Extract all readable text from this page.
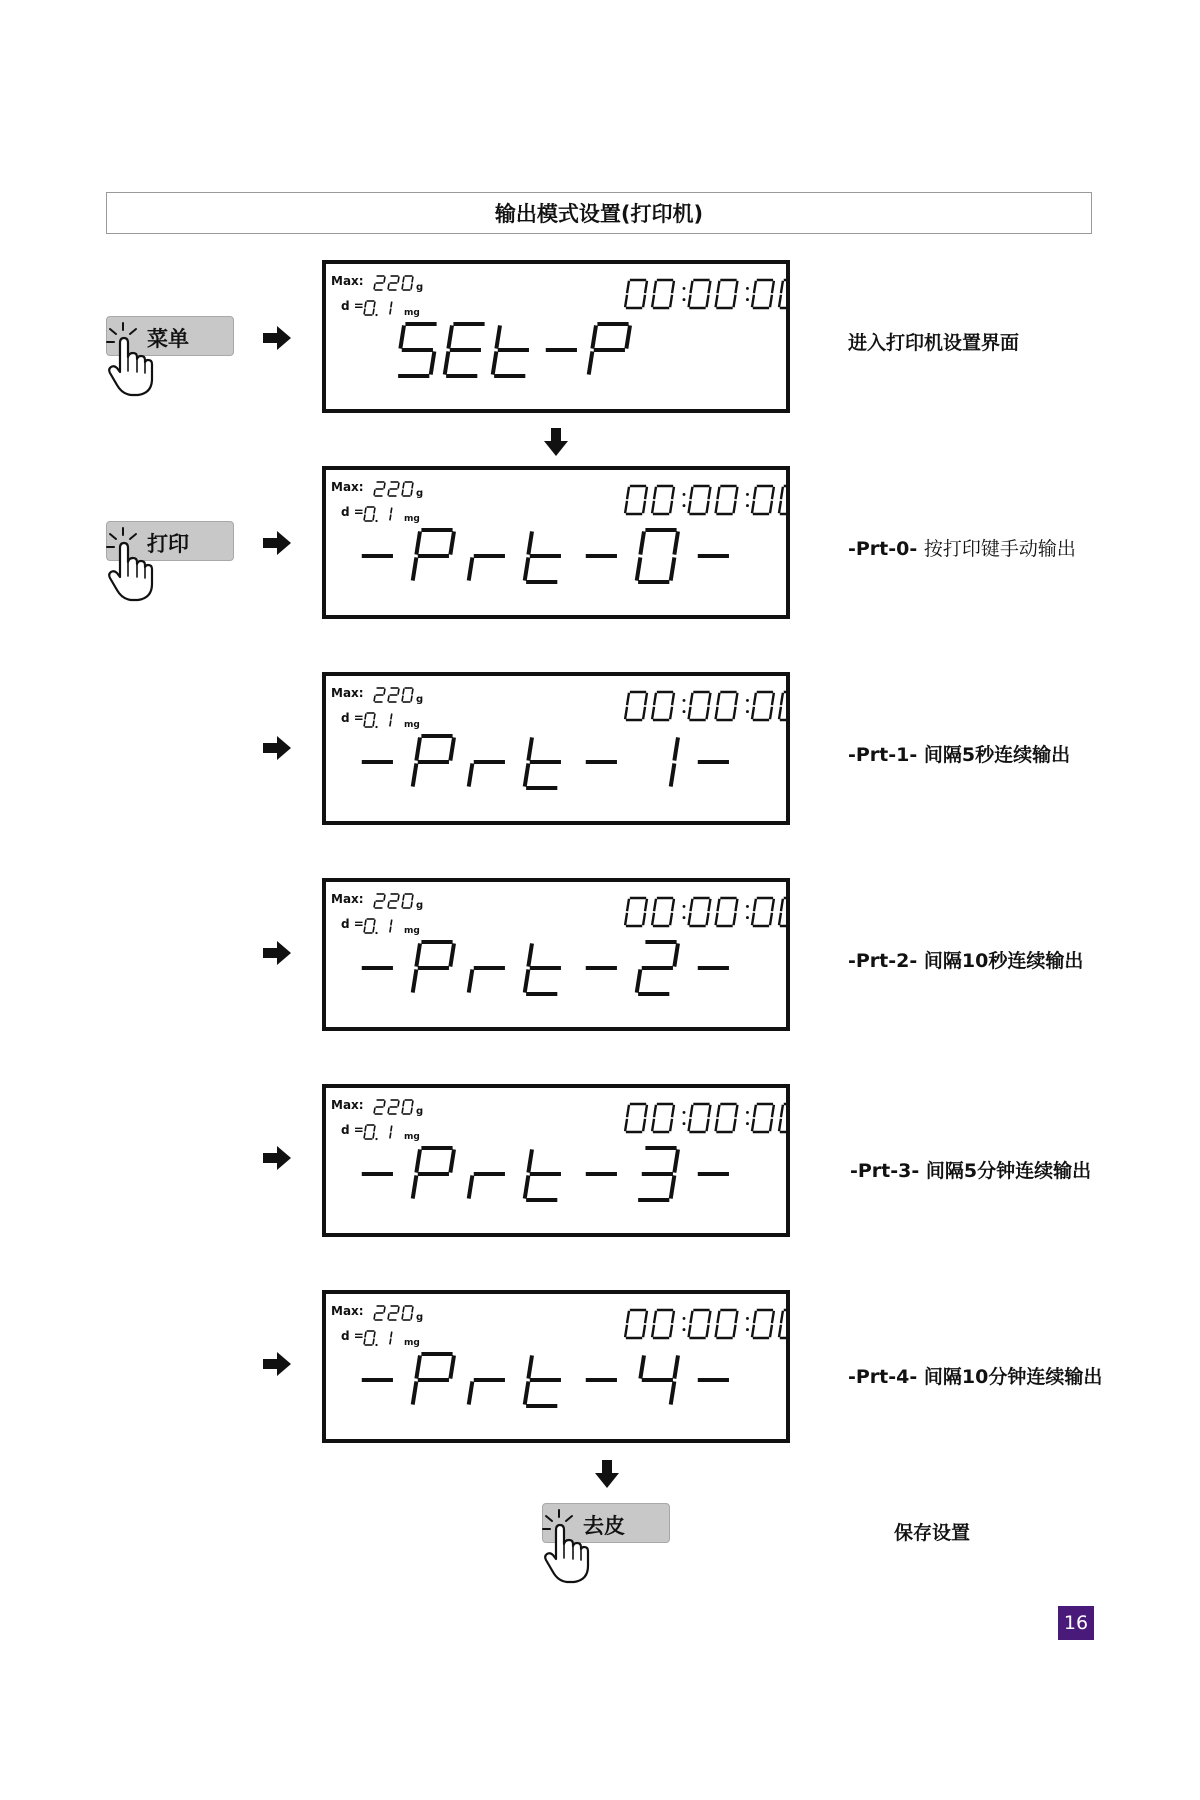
输出模式设置(打印机)
菜单
打印
去皮
Max:
d =
g
mg
Max:
d =
g
mg
Max:
d =
g
mg
Max:
d =
g
mg
Max:
d =
g
mg
Max:
d =
g
mg
进入打印机设置界面
-Prt-0- 按打印键手动输出
-Prt-1- 间隔5秒连续输出
-Prt-2- 间隔10秒连续输出
-Prt-3- 间隔5分钟连续输出
-Prt-4- 间隔10分钟连续输出
保存设置
16
